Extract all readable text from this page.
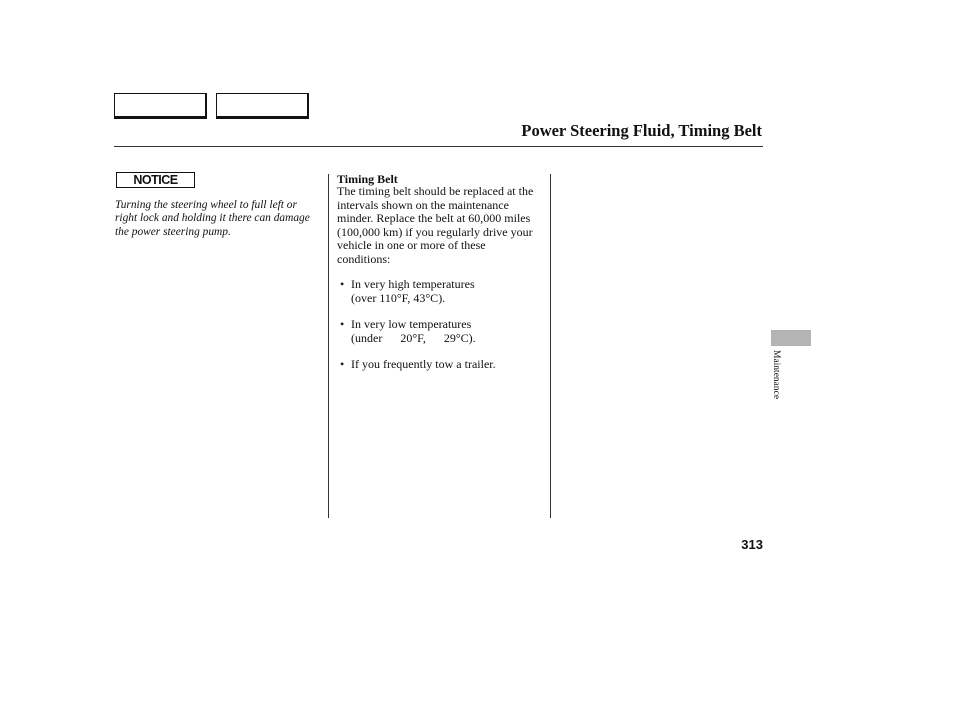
Power Steering Fluid, Timing Belt
NOTICE
Turning the steering wheel to full left or right lock and holding it there can damage the power steering pump.
Timing Belt
The timing belt should be replaced at the intervals shown on the maintenance minder. Replace the belt at 60,000 miles (100,000 km) if you regularly drive your vehicle in one or more of these conditions:
• In very high temperatures
(over 110°F, 43°C).
• In very low temperatures
(under      20°F,      29°C).
• If you frequently tow a trailer.	Maintenance
313
